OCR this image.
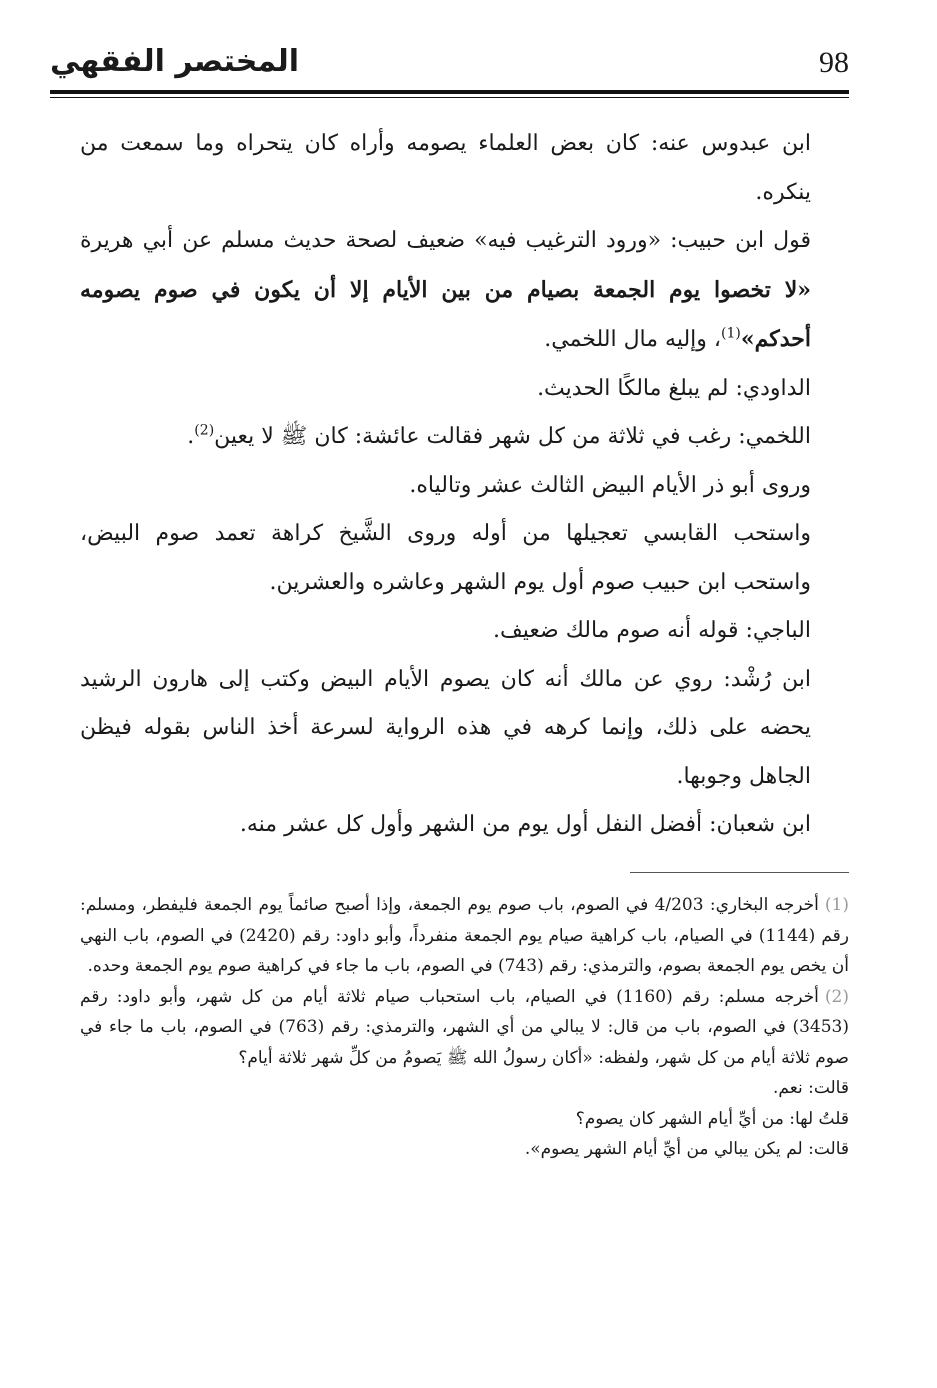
98
المختصر الفقهي

ابن عبدوس عنه: كان بعض العلماء يصومه وأراه كان يتحراه وما سمعت من ينكره.

قول ابن حبيب: «ورود الترغيب فيه» ضعيف لصحة حديث مسلم عن أبي هريرة «لا تخصوا يوم الجمعة بصيام من بين الأيام إلا أن يكون في صوم يصومه أحدكم»$^{(1)}$، وإليه مال اللخمي.

الداودي: لم يبلغ مالكًا الحديث.

اللخمي: رغب في ثلاثة من كل شهر فقالت عائشة: كان ﷺ لا يعين$^{(2)}$.

وروى أبو ذر الأيام البيض الثالث عشر وتالياه.

واستحب القابسي تعجيلها من أوله وروى الشَّيخ كراهة تعمد صوم البيض، واستحب ابن حبيب صوم أول يوم الشهر وعاشره والعشرين.

الباجي: قوله أنه صوم مالك ضعيف.

ابن رُشْد: روي عن مالك أنه كان يصوم الأيام البيض وكتب إلى هارون الرشيد يحضه على ذلك، وإنما كرهه في هذه الرواية لسرعة أخذ الناس بقوله فيظن الجاهل وجوبها.

ابن شعبان: أفضل النفل أول يوم من الشهر وأول كل عشر منه.

(1)أخرجه البخاري: 4/203 في الصوم، باب صوم يوم الجمعة، وإذا أصبح صائماً يوم الجمعة فليفطر، ومسلم: رقم (1144) في الصيام، باب كراهية صيام يوم الجمعة منفرداً، وأبو داود: رقم (2420) في الصوم، باب النهي أن يخص يوم الجمعة بصوم، والترمذي: رقم (743) في الصوم، باب ما جاء في كراهية صوم يوم الجمعة وحده.

(2)أخرجه مسلم: رقم (1160) في الصيام، باب استحباب صيام ثلاثة أيام من كل شهر، وأبو داود: رقم (3453) في الصوم، باب من قال: لا يبالي من أي الشهر، والترمذي: رقم (763) في الصوم، باب ما جاء في صوم ثلاثة أيام من كل شهر، ولفظه: «أكان رسولُ الله ﷺ يَصومُ من كلِّ شهر ثلاثة أيام؟

قالت: نعم.

قلتُ لها: من أيِّ أيام الشهر كان يصوم؟

قالت: لم يكن يبالي من أيِّ أيام الشهر يصوم».
